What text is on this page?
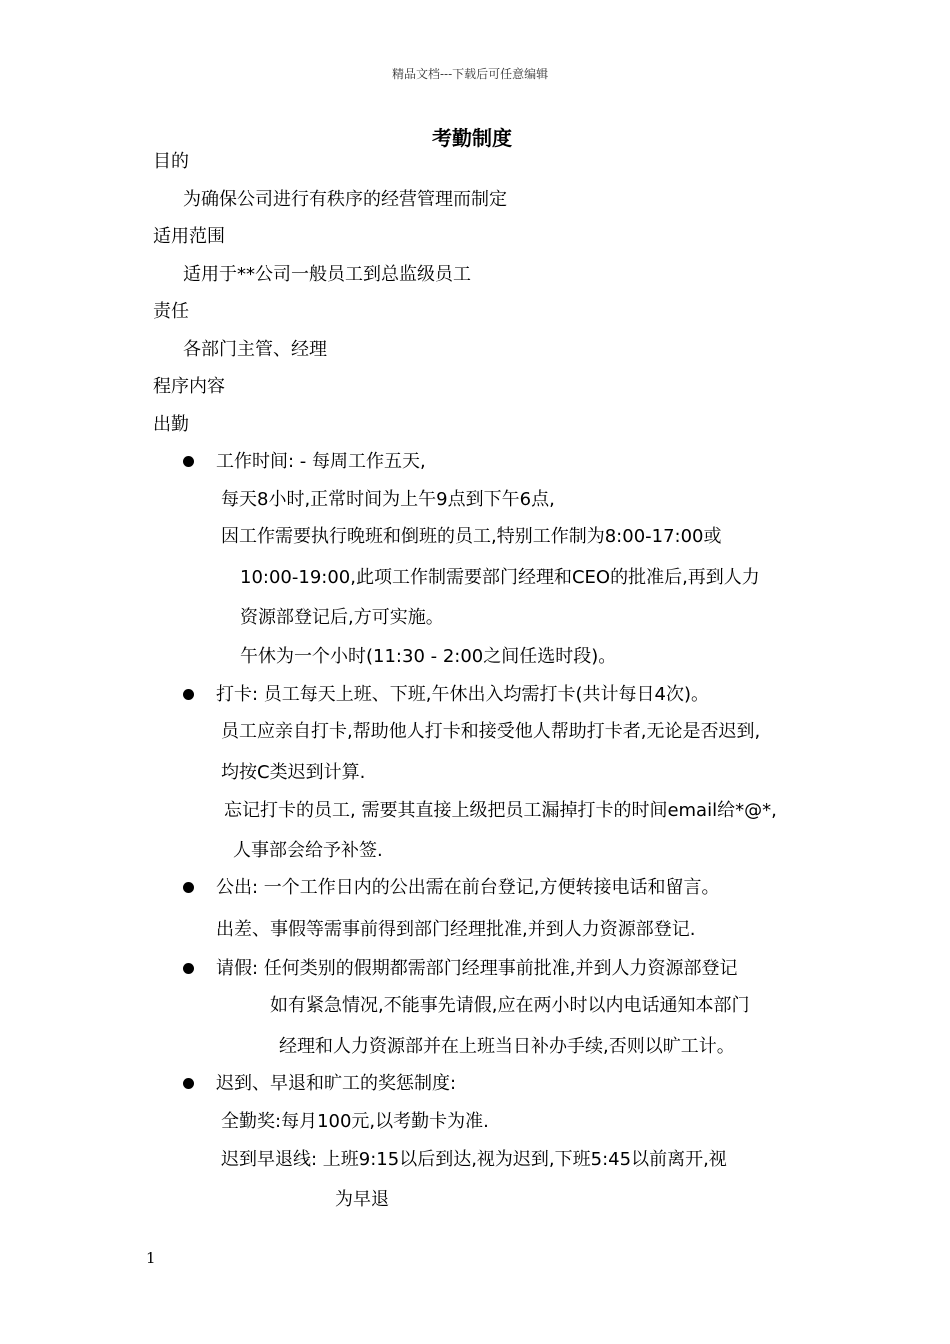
精品文档---下载后可任意编辑
考勤制度
目的
为确保公司进行有秩序的经营管理而制定
适用范围
适用于**公司一般员工到总监级员工
责任
各部门主管、经理
程序内容
出勤
工作时间: - 每周工作五天,
每天8小时,正常时间为上午9点到下午6点,
因工作需要执行晚班和倒班的员工,特别工作制为8:00-17:00或
10:00-19:00,此项工作制需要部门经理和CEO的批准后,再到人力
资源部登记后,方可实施。
午休为一个小时(11:30 - 2:00之间任选时段)。
打卡: 员工每天上班、下班,午休出入均需打卡(共计每日4次)。
员工应亲自打卡,帮助他人打卡和接受他人帮助打卡者,无论是否迟到,
均按C类迟到计算.
忘记打卡的员工, 需要其直接上级把员工漏掉打卡的时间email给*@*,
人事部会给予补签.
公出: 一个工作日内的公出需在前台登记,方便转接电话和留言。
出差、事假等需事前得到部门经理批准,并到人力资源部登记.
请假: 任何类别的假期都需部门经理事前批准,并到人力资源部登记
如有紧急情况,不能事先请假,应在两小时以内电话通知本部门
经理和人力资源部并在上班当日补办手续,否则以旷工计。
迟到、早退和旷工的奖惩制度:
全勤奖:每月100元,以考勤卡为准.
迟到早退线: 上班9:15以后到达,视为迟到,下班5:45以前离开,视
为早退
1
